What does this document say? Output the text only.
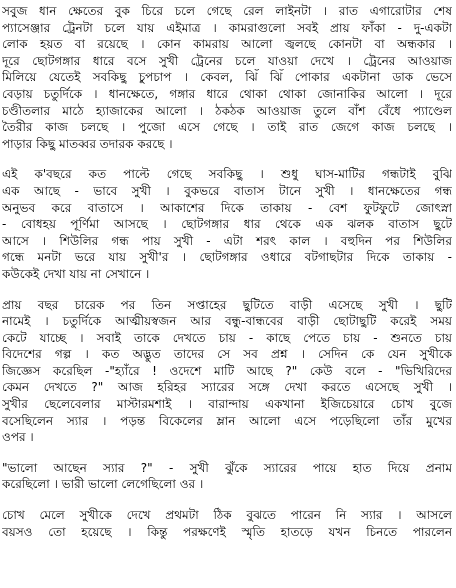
সবুজ ধান ক্ষেতের বুক চিরে চলে গেছে রেল লাইনটা । রাত এগারোটার শেষ
প্যাসেঞ্জার ট্রেনটা চলে যায় এইমাত্র । কামরাগুলো সবই প্রায় ফাঁকা - দু-একটা
লোক হয়ত বা রয়েছে । কোন কামরায় আলো জ্বলছে কোনটা বা অন্ধকার ।
দূরে ছোটগঙ্গার ধারে বসে সুখী ট্রেনের চলে যাওয়া দেখে । ট্রেনের আওয়াজ
মিলিয়ে যেতেই সবকিছু চুপচাপ । কেবল, ঝিঁ ঝিঁ পোকার একটানা ডাক ভেসে
বেড়ায় চতুর্দিকে । ধানক্ষেতে, গঙ্গার ধারে থোকা থোকা জোনাকির আলো । দূরে
চণ্ডীতলার মাঠে হ্যাজাকের আলো । ঠকঠক আওয়াজ তুলে বাঁশ বেঁধে প্যাণ্ডেল
তৈরীর কাজ চলছে । পুজো এসে গেছে । তাই রাত জেগে কাজ চলছে ।
পাড়ার কিছু মাতব্বর তদারক করছে ।
এই ক'বছরে কত পাল্টে গেছে সবকিছু । শুধু ঘাস-মাটির গন্ধটাই বুঝি
এক আছে - ভাবে সুখী । বুকভরে বাতাস টানে সুখী । ধানক্ষেতের গন্ধ
অনুভব করে বাতাসে । আকাশের দিকে তাকায় - বেশ ফুটফুটে জোৎস্না
- বোধহয় পূর্ণিমা আসছে । ছোটগঙ্গার ধার থেকে এক ঝলক বাতাস ছুটে
আসে । শিউলির গন্ধ পায় সুখী - এটা শরৎ কাল । বহুদিন পর শিউলির
গন্ধে মনটা ভরে যায় সুখী'র । ছোটগঙ্গার ওধারে বটগাছটার দিকে তাকায় -
কউকেই দেখা যায় না সেখানে ।
প্রায় বছর চারেক পর তিন সপ্তাহের ছুটিতে বাড়ী এসেছে সুখী । ছুটি
নামেই । চতুর্দিকে আত্মীয়স্বজন আর বন্ধু-বান্ধবের বাড়ী ছোটাছুটি করেই সময়
কেটে যাচ্ছে । সবাই তাকে দেখতে চায় - কাছে পেতে চায় - শুনতে চায়
বিদেশের গল্প । কত অদ্ভুত তাদের সে সব প্রশ্ন । সেদিন কে যেন সুখীকে
জিজ্ঞেস করেছিল -"হ্যাঁরে ! ওদেশে মাটি আছে ?" কেউ বলে - "ভিখিরিদের
কেমন দেখতে ?" আজ হরিহর স্যারের সঙ্গে দেখা করতে এসেছে সুখী ।
সুখীর ছেলেবেলার মাস্টারমশাই । বারান্দায় একখানা ইজিচেয়ারে চোখ বুজে
বসেছিলেন স্যার । পড়ন্ত বিকেলের ম্লান আলো এসে পড়েছিলো তাঁর মুখের
ওপর ।
"ভালো আছেন স্যার ?" - সুখী ঝুঁকে স্যারের পায়ে হাত দিয়ে প্রনাম
করেছিলো । ভারী ভালো লেগেছিলো ওর ।
চোখ মেলে সুখীকে দেখে প্রথমটা ঠিক বুঝতে পারেন নি স্যার । আসলে
বয়সও তো হয়েছে । কিন্তু পরক্ষণেই স্মৃতি হাতড়ে যখন চিনতে পারলেন
